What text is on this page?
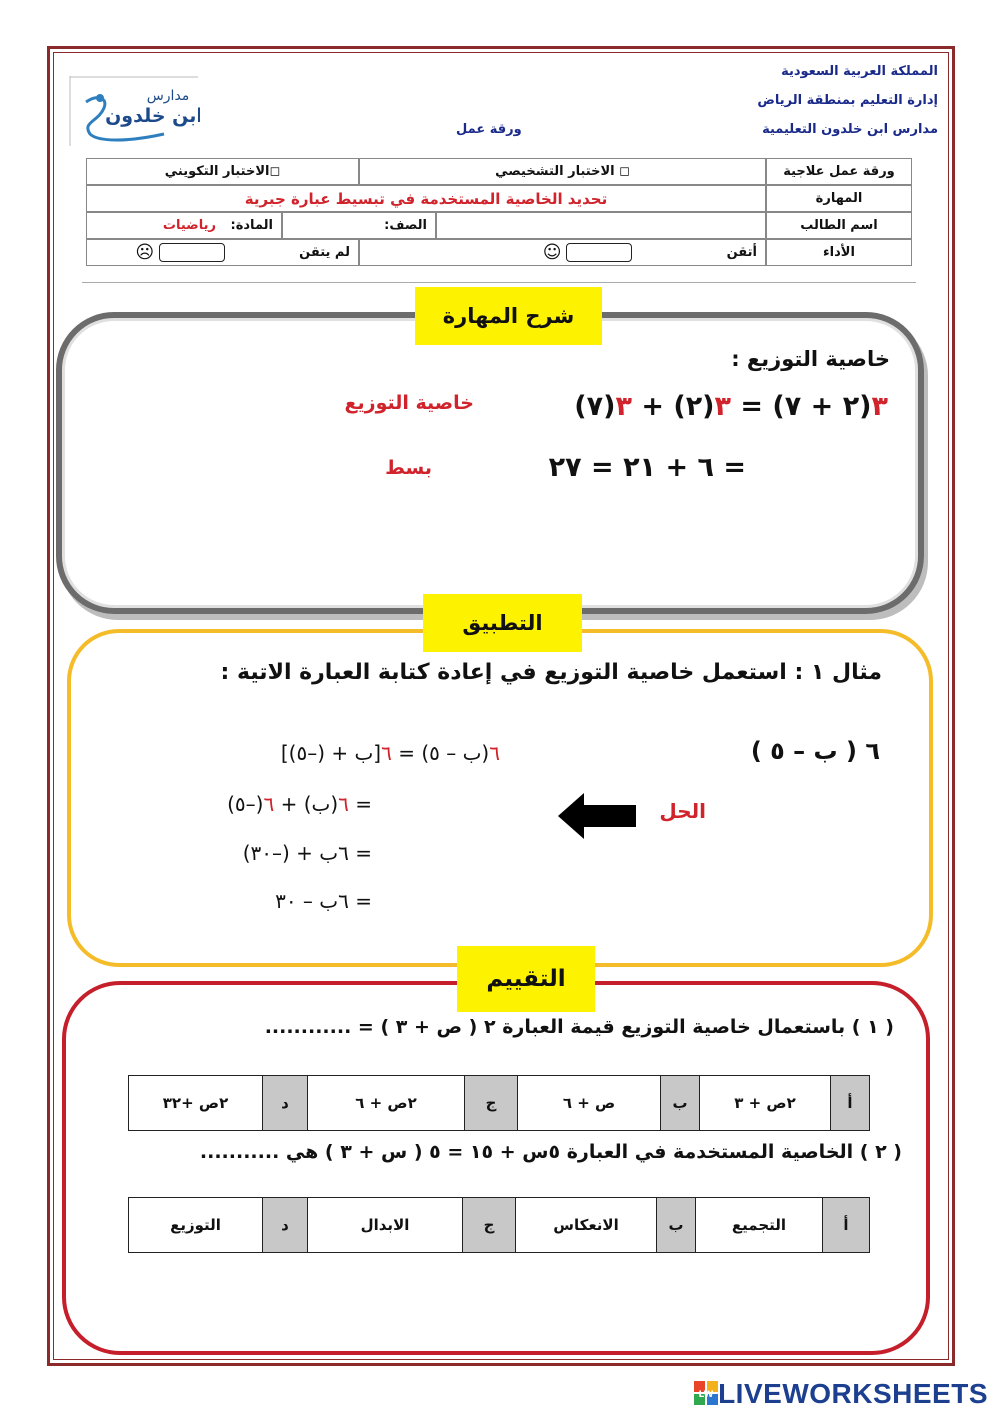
المملكة العربية السعودية
إدارة التعليم بمنطقة الرياض
مدارس ابن خلدون التعليمية
ورقة عمل
مدارس
ابن خلدون
ورقة عمل علاجية	◻ الاختبار التشخيصي		◻الاختبار التكويني	
المهارة	تحديد الخاصية المستخدمة في تبسيط عبارة جبرية			
اسم الطالب		الصف:		المادة: رياضيات
الأداء	أتقن  ☺		لم يتقن  ☹	
شرح المهارة
خاصية التوزيع :
٣(٢ + ٧) = ٣(٢) + ٣(٧)
خاصية التوزيع
= ٦ + ٢١ = ٢٧
بسط
التطبيق
مثال ١ : استعمل خاصية التوزيع في إعادة كتابة العبارة الاتية :
٦ ( ب – ٥ )
الحل
٦(ب – ٥) = ٦[ب + (–٥)]
= ٦(ب) + ٦(–٥)
= ٦ب + (–٣٠)
= ٦ب – ٣٠
التقييم
( ١ ) باستعمال خاصية التوزيع قيمة العبارة ٢ ( ص + ٣ ) = ............
أ	٢ص + ٣	ب	ص + ٦	ج	٢ص + ٦	د	٢ص +٣٢
( ٢ ) الخاصية المستخدمة في العبارة ٥س + ١٥ = ٥ ( س + ٣ ) هي ...........
أ	التجميع	ب	الانعكاس	ج	الابدال	د	التوزيع
LW LIVEWORKSHEETS
